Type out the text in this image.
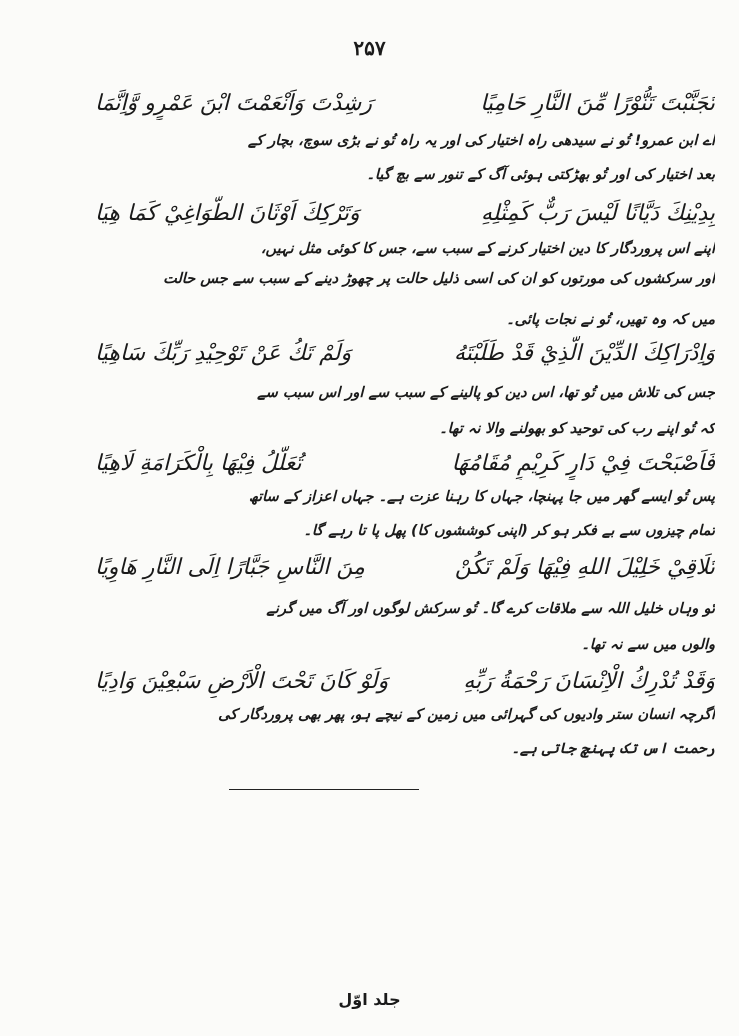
۲۵۷
تَجَنَّبْتَ تَنُّوْرًا مِّنَ النَّارِ حَامِيًا
رَشِدْتَ وَاَنْعَمْتَ ابْنَ عَمْرٍو وَّاِنَّمَا
اے ابن عمرو! تُو نے سیدھی راہ اختیار کی اور یہ راہ تُو نے بڑی سوچ، بچار کے
بعد اختیار کی اور تُو بھڑکتی ہوئی آگ کے تنور سے بچ گیا۔
بِدِيْنِكَ دَيَّانًا لَيْسَ رَبٌّ كَمِثْلِهِ
وَتَرْكِكَ اَوْثَانَ الطَّوَاغِيْ كَمَا هِيَا
اپنے اس پروردگار کا دین اختیار کرنے کے سبب سے، جس کا کوئی مثل نہیں،
اور سرکشوں کی مورتوں کو ان کی اسی ذلیل حالت پر چھوڑ دینے کے سبب سے جس حالت
میں کہ وہ تھیں، تُو نے نجات پائی۔
وَاِدْرَاكِكَ الدِّيْنَ الَّذِيْ قَدْ طَلَبْتَهُ
وَلَمْ تَكُ عَنْ تَوْحِيْدِ رَبِّكَ سَاهِيًا
جس کی تلاش میں تُو تھا، اس دین کو پالینے کے سبب سے اور اس سبب سے
کہ تُو اپنے رب کی توحید کو بھولنے والا نہ تھا۔
فَاَصْبَحْتَ فِيْ دَارٍ كَرِيْمٍ مُقَامُهَا
تُعَلَّلُ فِيْهَا بِالْكَرَامَةِ لَاهِيًا
پس تُو ایسے گھر میں جا پہنچا، جہاں کا رہنا عزت ہے۔ جہاں اعزاز کے ساتھ
تمام چیزوں سے بے فکر ہو کر (اپنی کوششوں کا) پھل پا تا رہے گا۔
تُلَاقِيْ خَلِيْلَ اللهِ فِيْهَا وَلَمْ تَكُنْ
مِنَ النَّاسِ جَبَّارًا اِلَى النَّارِ هَاوِيًا
تُو وہاں خلیل اللہ سے ملاقات کرے گا۔ تُو سرکش لوگوں اور آگ میں گرنے
والوں میں سے نہ تھا۔
وَقَدْ تُدْرِكُ الْاِنْسَانَ رَحْمَةُ رَبِّهِ
وَلَوْ كَانَ تَحْتَ الْاَرْضِ سَبْعِيْنَ وَادِيًا
اگرچہ انسان ستر وادیوں کی گہرائی میں زمین کے نیچے ہو، پھر بھی پروردگار کی
رحمت اس تک پہنچ جاتی ہے۔
جلد اوّل
